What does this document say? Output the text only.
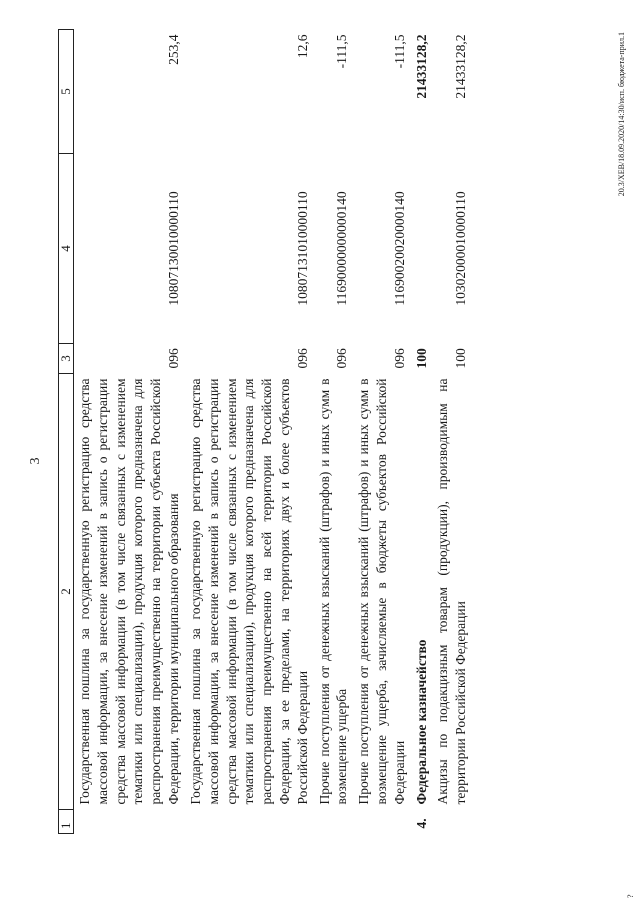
3
1	2	3	4	5
	Государственная пошлина за государственную регистрацию средства массовой информации, за внесение изменений в запись о регистрации средства массовой информации (в том числе связанных с изменением тематики или специализации), продукция которого предназначена для распространения преимущественно на территории субъекта Российской Федерации, территории муниципального образования	096	10807130010000110	253,4
	Государственная пошлина за государственную регистрацию средства массовой информации, за внесение изменений в запись о регистрации средства массовой информации (в том числе связанных с изменением тематики или специализации), продукция которого предназначена для распространения преимущественно на всей территории Российской Федерации, за ее пределами, на территориях двух и более субъектов Российской Федерации	096	10807131010000110	12,6
	Прочие поступления от денежных взысканий (штрафов) и иных сумм в возмещение ущерба	096	11690000000000140	-111,5
	Прочие поступления от денежных взысканий (штрафов) и иных сумм в возмещение ущерба, зачисляемые в бюджеты субъектов Российской Федерации	096	11690020020000140	-111,5
4.	Федеральное казначейство	100		21433128,2
	Акцизы по подакцизным товарам (продукции), производимым на территории Российской Федерации	100	10302000010000110	21433128,2	20.3/ХЕВ/18.09.2020/14:30/исп. бюджета-прил.1
?
